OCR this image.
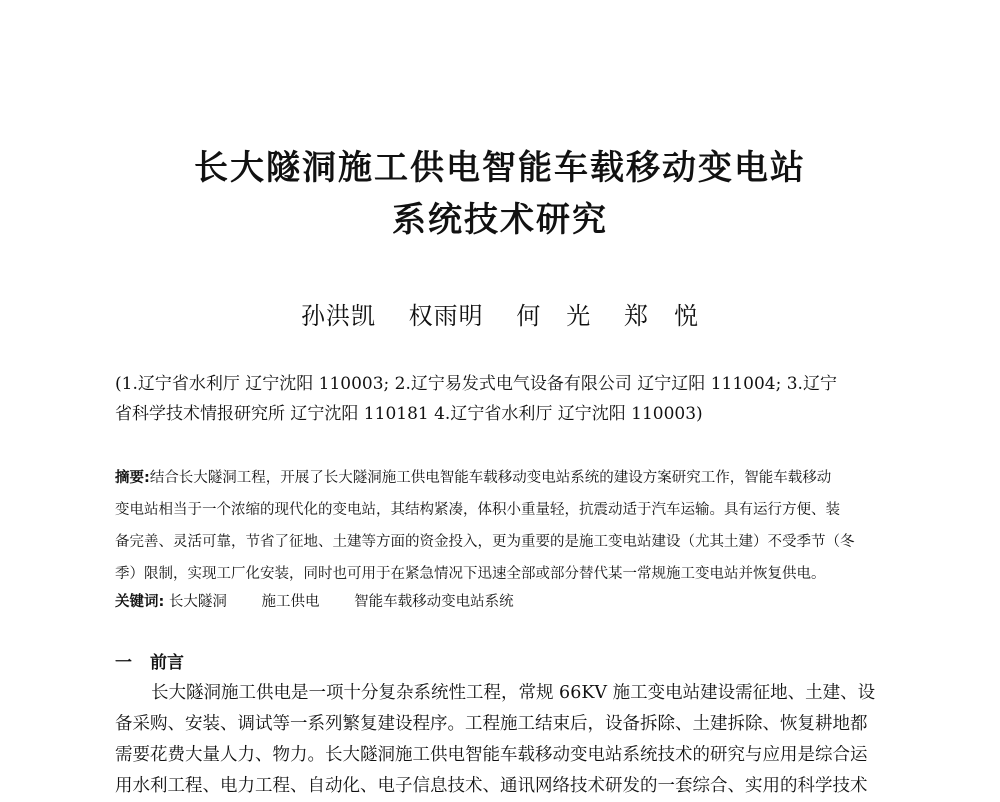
长大隧洞施工供电智能车载移动变电站
系统技术研究
孙洪凯 权雨明 何　光 郑　悦
(1.辽宁省水利厅 辽宁沈阳 110003; 2.辽宁易发式电气设备有限公司 辽宁辽阳 111004; 3.辽宁
省科学技术情报研究所 辽宁沈阳 110181 4.辽宁省水利厅 辽宁沈阳 110003)
摘要:结合长大隧洞工程，开展了长大隧洞施工供电智能车载移动变电站系统的建设方案研究工作，智能车载移动
变电站相当于一个浓缩的现代化的变电站，其结构紧凑，体积小重量轻，抗震动适于汽车运输。具有运行方便、装
备完善、灵活可靠，节省了征地、土建等方面的资金投入，更为重要的是施工变电站建设（尤其土建）不受季节（冬
季）限制，实现工厂化安装，同时也可用于在紧急情况下迅速全部或部分替代某一常规施工变电站并恢复供电。
关键词: 长大隧洞 施工供电 智能车载移动变电站系统
一 前言
长大隧洞施工供电是一项十分复杂系统性工程，常规 66KV 施工变电站建设需征地、土建、设
备采购、安装、调试等一系列繁复建设程序。工程施工结束后，设备拆除、土建拆除、恢复耕地都
需要花费大量人力、物力。长大隧洞施工供电智能车载移动变电站系统技术的研究与应用是综合运
用水利工程、电力工程、自动化、电子信息技术、通讯网络技术研发的一套综合、实用的科学技术
